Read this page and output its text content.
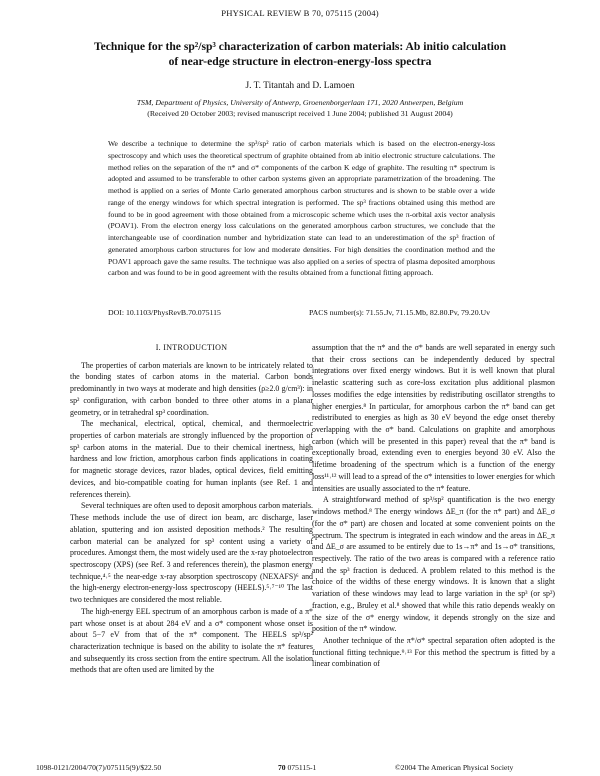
PHYSICAL REVIEW B 70, 075115 (2004)
Technique for the sp²/sp³ characterization of carbon materials: Ab initio calculation
of near-edge structure in electron-energy-loss spectra
J. T. Titantah and D. Lamoen
TSM, Department of Physics, University of Antwerp, Groenenborgerlaan 171, 2020 Antwerpen, Belgium
(Received 20 October 2003; revised manuscript received 1 June 2004; published 31 August 2004)

We describe a technique to determine the sp³/sp² ratio of carbon materials which is based on the electron-energy-loss spectroscopy and which uses the theoretical spectrum of graphite obtained from ab initio electronic structure calculations. The method relies on the separation of the π* and σ* components of the carbon K edge of graphite. The resulting π* spectrum is adopted and assumed to be transferable to other carbon systems given an appropriate parametrization of the broadening. The method is applied on a series of Monte Carlo generated amorphous carbon structures and is shown to be stable over a wide range of the energy windows for which spectral integration is performed. The sp³ fractions obtained using this method are found to be in good agreement with those obtained from a microscopic scheme which uses the π-orbital axis vector analysis (POAV1). From the electron energy loss calculations on the generated amorphous carbon structures, we conclude that the interchangeable use of coordination number and hybridization state can lead to an underestimation of the sp³ fraction of generated amorphous carbon structures for low and moderate densities. For high densities the coordination method and the POAV1 approach gave the same results. The technique was also applied on a series of spectra of plasma deposited amorphous carbon and was found to be in good agreement with the results obtained from a functional fitting approach.

DOI: 10.1103/PhysRevB.70.075115	PACS number(s): 71.55.Jv, 71.15.Mb, 82.80.Pv, 79.20.Uv

I. INTRODUCTION

The properties of carbon materials are known to be intricately related to the bonding states of carbon atoms in the material. Carbon bonds predominantly in two ways at moderate and high densities (ρ≥2.0 g/cm³): in sp² configuration, with carbon bonded to three other atoms in a planar geometry, or in tetrahedral sp³ coordination.

The mechanical, electrical, optical, chemical, and thermoelectric properties of carbon materials are strongly influenced by the proportion of sp³ carbon atoms in the material. Due to their chemical inertness, high hardness and low friction, amorphous carbon finds applications in coating for magnetic storage devices, razor blades, optical devices, field emitting devices, and bio-compatible coating for human inplants (see Ref. 1 and references therein).

Several techniques are often used to deposit amorphous carbon materials. These methods include the use of direct ion beam, arc discharge, laser ablation, sputtering and ion assisted deposition methods.² The resulting carbon material can be analyzed for sp³ content using a variety of procedures. Amongst them, the most widely used are the x-ray photoelectron spectroscopy (XPS) (see Ref. 3 and references therein), the plasmon energy technique,⁴˒⁵ the near-edge x-ray absorption spectroscopy (NEXAFS)⁶ and the high-energy electron-energy-loss spectroscopy (HEELS).⁵˒⁷⁻¹⁰ The last two techniques are considered the most reliable.

The high-energy EEL spectrum of an amorphous carbon is made of a π* part whose onset is at about 284 eV and a σ* component whose onset is about 5−7 eV from that of the π* component. The HEELS sp³/sp² characterization technique is based on the ability to isolate the π* features and subsequently its cross section from the entire spectrum. All the isolation methods that are often used are limited by the

assumption that the π* and the σ* bands are well separated in energy such that their cross sections can be independently deduced by spectral integrations over fixed energy windows. But it is well known that plural inelastic scattering such as core-loss excitation plus additional plasmon losses modifies the edge intensities by redistributing oscillator strengths to higher energies.⁸ In particular, for amorphous carbon the π* band can get redistributed to energies as high as 30 eV beyond the edge onset thereby overlapping with the σ* band. Calculations on graphite and amorphous carbon (which will be presented in this paper) reveal that the π* band is exceptionally broad, extending even to energies beyond 30 eV. Also the lifetime broadening of the spectrum which is a function of the energy loss¹¹˒¹² will lead to a spread of the σ* intensities to lower energies for which intensities are usually associated to the π* feature.

A straightforward method of sp³/sp² quantification is the two energy windows method.⁸ The energy windows ΔE_π (for the π* part) and ΔE_σ (for the σ* part) are chosen and located at some convenient points on the spectrum. The spectrum is integrated in each window and the areas in ΔE_π and ΔE_σ are assumed to be entirely due to 1s→π* and 1s→σ* transitions, respectively. The ratio of the two areas is compared with a reference ratio and the sp³ fraction is deduced. A problem related to this method is the choice of the widths of these energy windows. It is known that a slight variation of these windows may lead to large variation in the sp³ (or sp²) fraction, e.g., Bruley et al.⁸ showed that while this ratio depends weakly on the size of the σ* energy window, it depends strongly on the size and position of the π* window.

Another technique of the π*/σ* spectral separation often adopted is the functional fitting technique.⁹˒¹³ For this method the spectrum is fitted by a linear combination of

1098-0121/2004/70(7)/075115(9)/$22.50	70 075115-1	©2004 The American Physical Society
